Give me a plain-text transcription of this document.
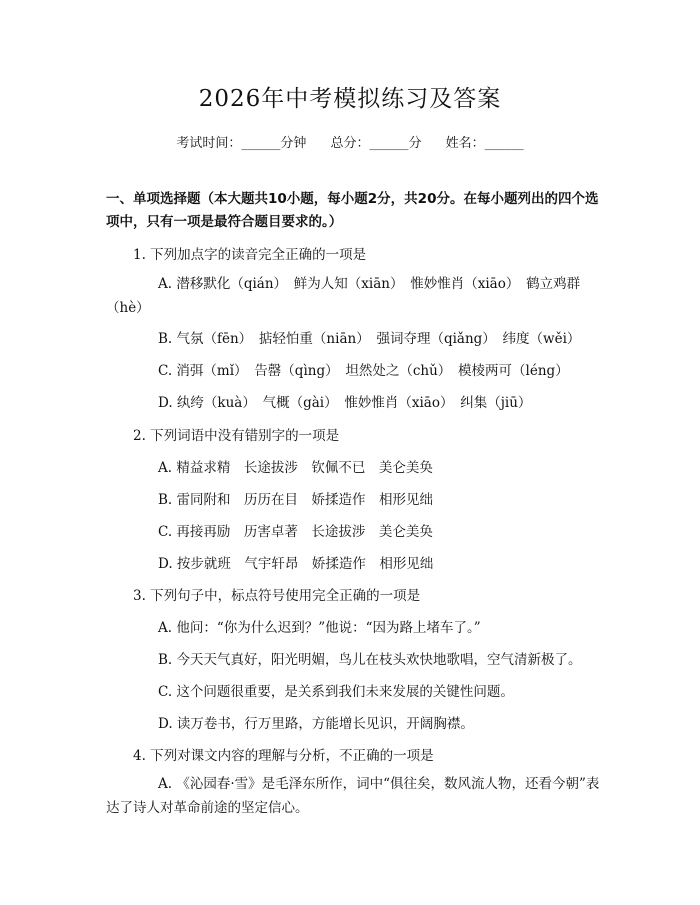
2026年中考模拟练习及答案
考试时间：______分钟 总分：______分 姓名：______
一、单项选择题（本大题共10小题，每小题2分，共20分。在每小题列出的四个选项中，只有一项是最符合题目要求的。）
1. 下列加点字的读音完全正确的一项是
A. 潜移默化（qián）　鲜为人知（xiān）　惟妙惟肖（xiāo）　鹤立鸡群（hè）
B. 气氛（fēn）　掂轻怕重（niān）　强词夺理（qiǎng）　纬度（wěi）
C. 消弭（mǐ）　告罄（qìng）　坦然处之（chǔ）　模棱两可（léng）
D. 纨绔（kuà）　气概（gài）　惟妙惟肖（xiāo）　纠集（jiū）
2. 下列词语中没有错别字的一项是
A. 精益求精　长途拔涉　钦佩不已　美仑美奂
B. 雷同附和　历历在目　娇揉造作　相形见绌
C. 再接再励　历害卓著　长途拔涉　美仑美奂
D. 按步就班　气宇轩昂　娇揉造作　相形见绌
3. 下列句子中，标点符号使用完全正确的一项是
A. 他问：“你为什么迟到？”他说：“因为路上堵车了。”
B. 今天天气真好，阳光明媚，鸟儿在枝头欢快地歌唱，空气清新极了。
C. 这个问题很重要，是关系到我们未来发展的关键性问题。
D. 读万卷书，行万里路，方能增长见识，开阔胸襟。
4. 下列对课文内容的理解与分析，不正确的一项是
A. 《沁园春·雪》是毛泽东所作，词中“俱往矣，数风流人物，还看今朝”表达了诗人对革命前途的坚定信心。
